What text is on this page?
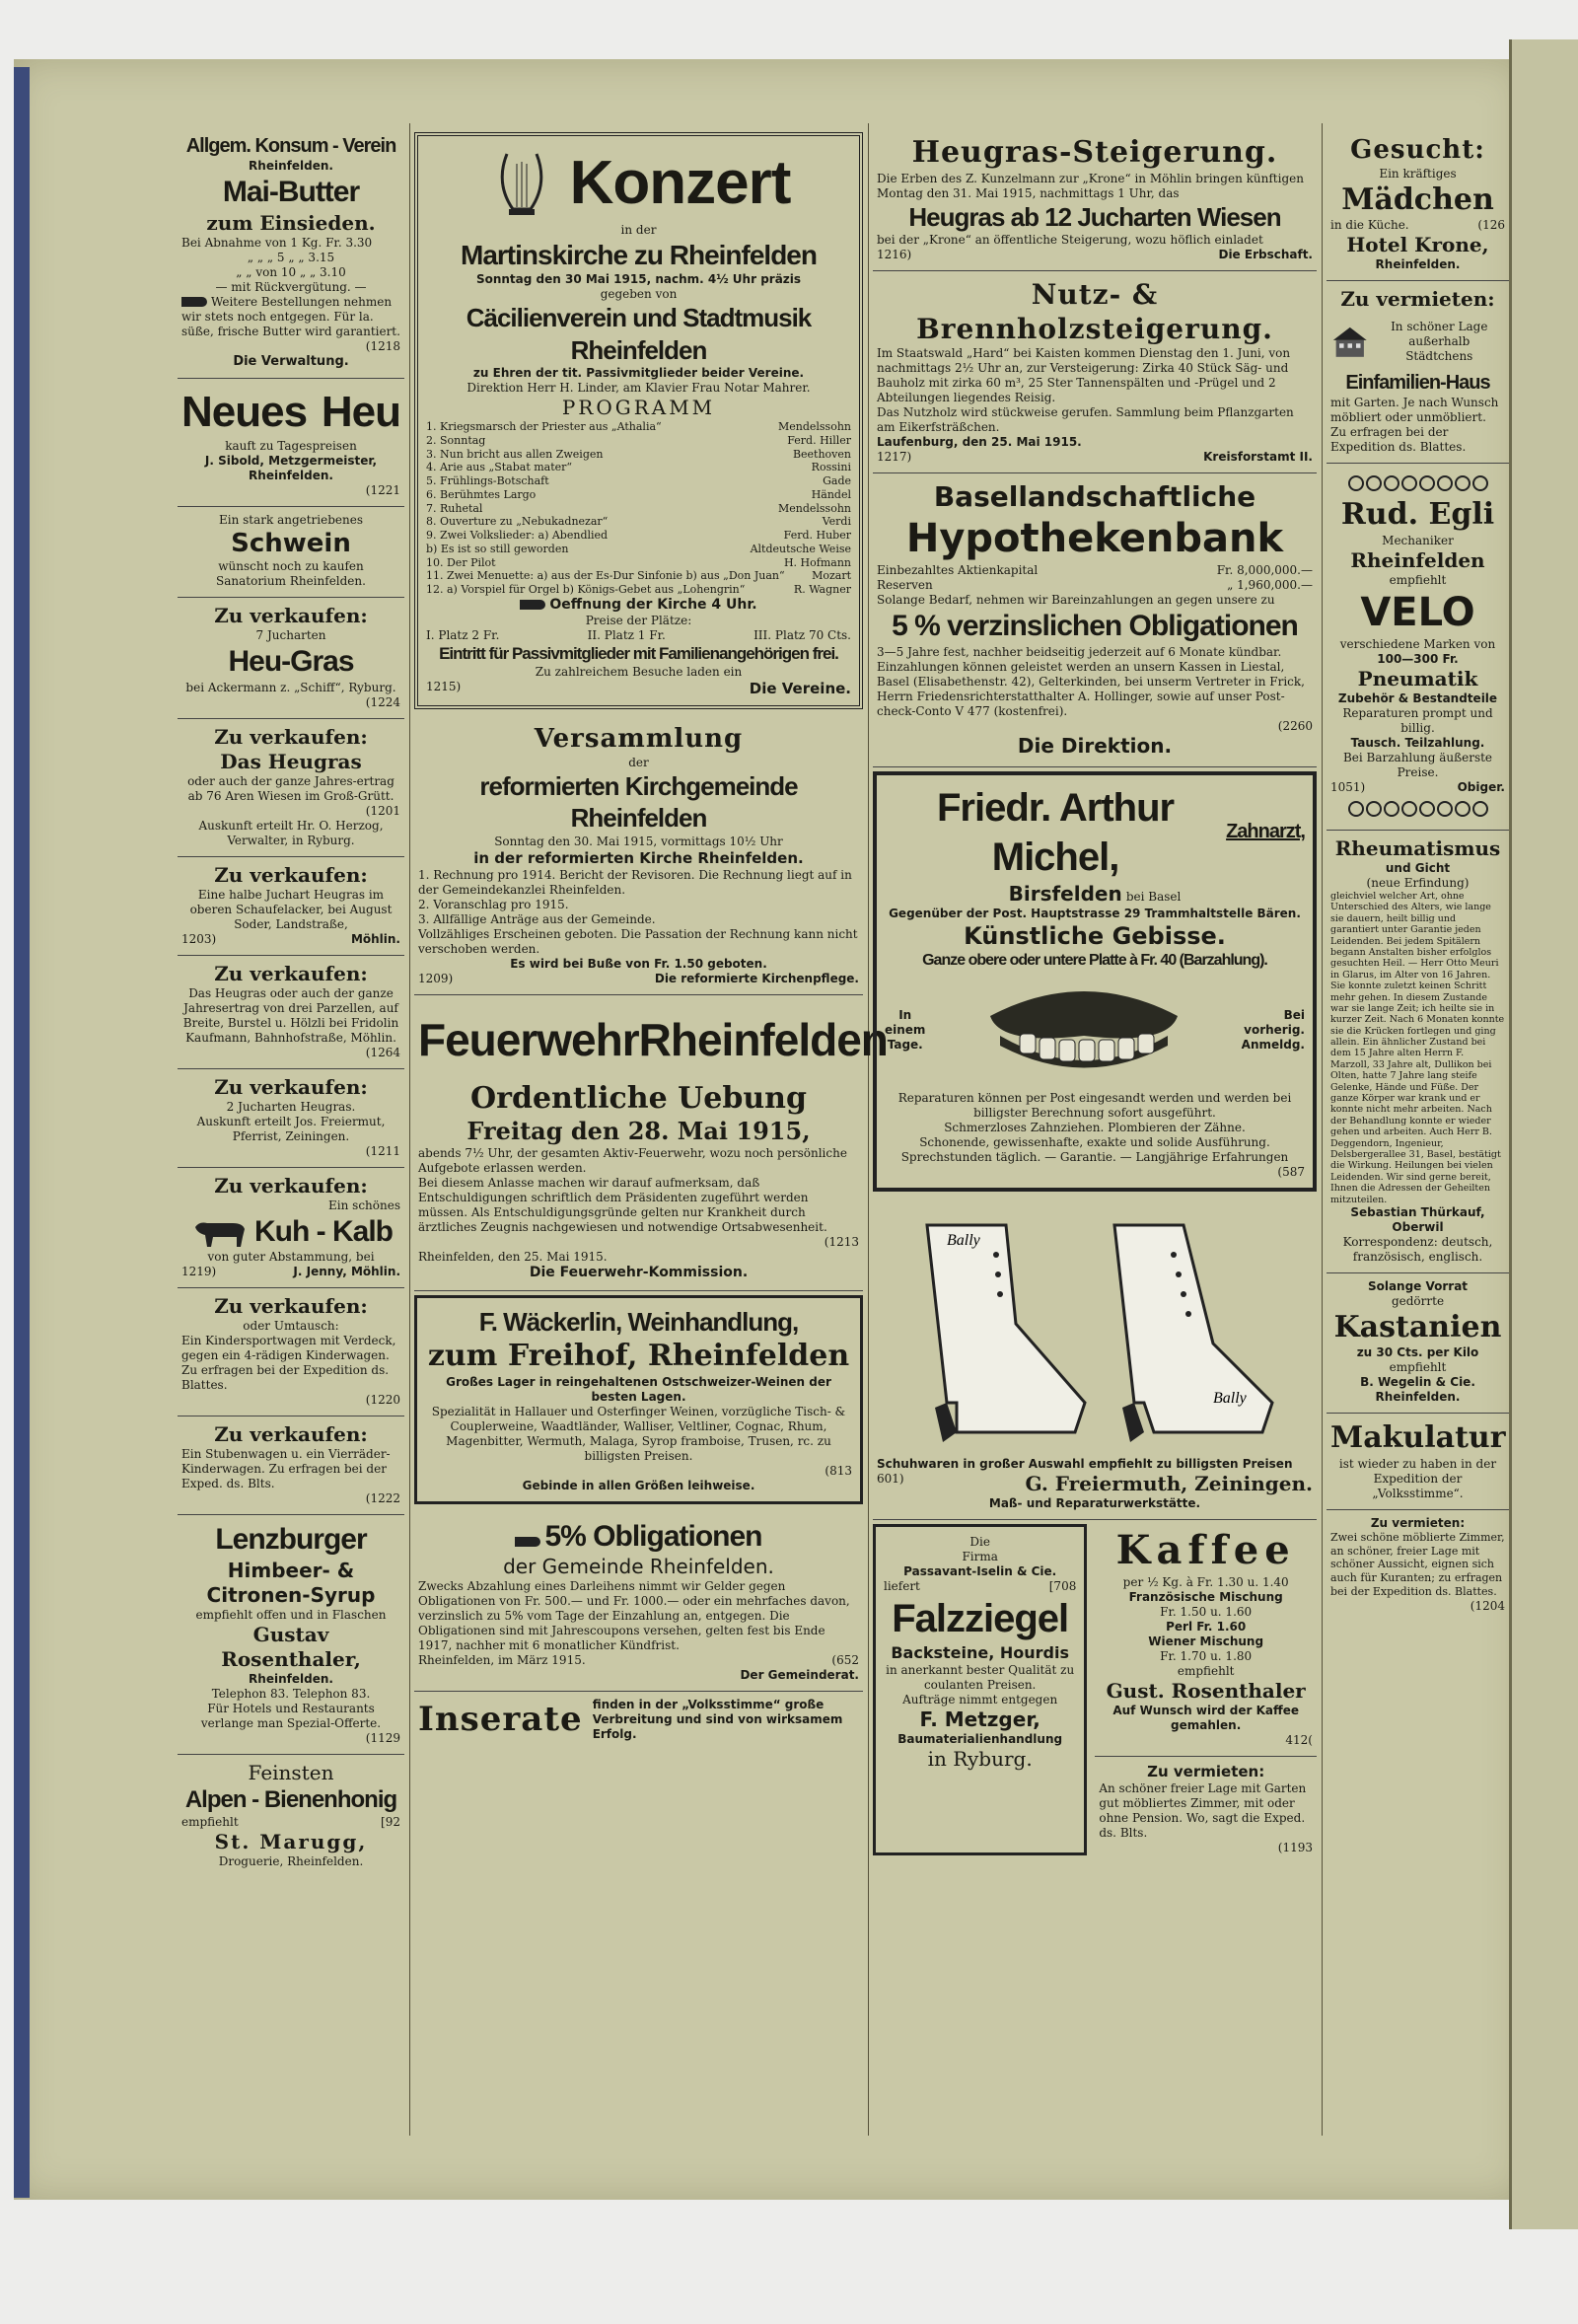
Allgem. Konsum - Verein
Rheinfelden.
Mai-Butter
zum Einsieden.
Bei Abnahme von 1 Kg. Fr. 3.30
„ „ „ 5 „ „ 3.15
„ „ von 10 „ „ 3.10
— mit Rückvergütung. —
Weitere Bestellungen nehmen wir stets noch entgegen. Für la. süße, frische Butter wird garantiert.
(1218
Die Verwaltung.
Neues Heu
kauft zu Tagespreisen
J. Sibold, Metzgermeister, Rheinfelden.
(1221
Ein stark angetriebenes
Schwein
wünscht noch zu kaufen
Sanatorium Rheinfelden.
Zu verkaufen:
7 Jucharten
Heu-Gras
bei Ackermann z. „Schiff“, Ryburg.
(1224
Zu verkaufen:
Das Heugras
oder auch der ganze Jahres-ertrag ab 76 Aren Wiesen im Groß-Grütt.
(1201
Auskunft erteilt Hr. O. Herzog, Verwalter, in Ryburg.
Zu verkaufen:
Eine halbe Juchart Heugras im oberen Schaufelacker, bei August Soder, Landstraße,
1203)	Möhlin.
Zu verkaufen:
Das Heugras oder auch der ganze Jahresertrag von drei Parzellen, auf Breite, Burstel u. Hölzli bei Fridolin Kaufmann, Bahnhofstraße, Möhlin.
(1264
Zu verkaufen:
2 Jucharten Heugras.
Auskunft erteilt Jos. Freiermut, Pferrist, Zeiningen.
(1211
Zu verkaufen:
Ein schönes
Kuh - Kalb
von guter Abstammung, bei
1219)	J. Jenny, Möhlin.
Zu verkaufen:
oder Umtausch:
Ein Kindersportwagen mit Verdeck, gegen ein 4-rädigen Kinderwagen. Zu erfragen bei der Expedition ds. Blattes.
(1220
Zu verkaufen:
Ein Stubenwagen u. ein Vierräder-Kinderwagen. Zu erfragen bei der Exped. ds. Blts.
(1222
Lenzburger
Himbeer- &
Citronen-Syrup
empfiehlt offen und in Flaschen
Gustav Rosenthaler,
Rheinfelden.
Telephon 83. Telephon 83.
Für Hotels und Restaurants verlange man Spezial-Offerte.
(1129
Feinsten
Alpen - Bienenhonig
empfiehlt	[92
St. Marugg,
Droguerie, Rheinfelden.
Konzert
in der
Martinskirche zu Rheinfelden
Sonntag den 30 Mai 1915, nachm. 4½ Uhr präzis
gegeben von
Cäcilienverein und Stadtmusik Rheinfelden
zu Ehren der tit. Passivmitglieder beider Vereine.
Direktion Herr H. Linder, am Klavier Frau Notar Mahrer.
PROGRAMM
1. Kriegsmarsch der Priester aus „Athalia“	Mendelssohn
2. Sonntag	Ferd. Hiller
3. Nun bricht aus allen Zweigen	Beethoven
4. Arie aus „Stabat mater“	Rossini
5. Frühlings-Botschaft	Gade
6. Berühmtes Largo	Händel
7. Ruhetal	Mendelssohn
8. Ouverture zu „Nebukadnezar“	Verdi
9. Zwei Volkslieder: a) Abendlied	Ferd. Huber
b) Es ist so still geworden	Altdeutsche Weise
10. Der Pilot	H. Hofmann
11. Zwei Menuette: a) aus der Es-Dur Sinfonie b) aus „Don Juan“ Mozart
12. a) Vorspiel für Orgel b) Königs-Gebet aus „Lohengrin“	R. Wagner
Oeffnung der Kirche 4 Uhr.
Preise der Plätze:
I. Platz 2 Fr.	II. Platz 1 Fr.	III. Platz 70 Cts.
Eintritt für Passivmitglieder mit Familienangehörigen frei.
Zu zahlreichem Besuche laden ein
1215)	Die Vereine.
Versammlung
der
reformierten Kirchgemeinde Rheinfelden
Sonntag den 30. Mai 1915, vormittags 10½ Uhr
in der reformierten Kirche Rheinfelden.
1. Rechnung pro 1914. Bericht der Revisoren. Die Rechnung liegt auf in der Gemeindekanzlei Rheinfelden.
2. Voranschlag pro 1915.
3. Allfällige Anträge aus der Gemeinde.
Vollzähliges Erscheinen geboten. Die Passation der Rechnung kann nicht verschoben werden.
Es wird bei Buße von Fr. 1.50 geboten.
1209)	Die reformierte Kirchenpflege.
Feuerwehr Rheinfelden
Ordentliche Uebung
Freitag den 28. Mai 1915,
abends 7½ Uhr, der gesamten Aktiv-Feuerwehr, wozu noch persönliche Aufgebote erlassen werden.
Bei diesem Anlasse machen wir darauf aufmerksam, daß Entschuldigungen schriftlich dem Präsidenten zugeführt werden müssen. Als Entschuldigungsgründe gelten nur Krankheit durch ärztliches Zeugnis nachgewiesen und notwendige Ortsabwesenheit.
(1213
Rheinfelden, den 25. Mai 1915.
Die Feuerwehr-Kommission.
F. Wäckerlin, Weinhandlung,
zum Freihof, Rheinfelden
Großes Lager in reingehaltenen Ostschweizer-Weinen der besten Lagen.
Spezialität in Hallauer und Osterfinger Weinen, vorzügliche Tisch- & Couplerweine, Waadtländer, Walliser, Veltliner, Cognac, Rhum, Magenbitter, Wermuth, Malaga, Syrop framboise, Trusen, rc. zu billigsten Preisen.
(813
Gebinde in allen Größen leihweise.
5% Obligationen
der Gemeinde Rheinfelden.
Zwecks Abzahlung eines Darleihens nimmt wir Gelder gegen Obligationen von Fr. 500.— und Fr. 1000.— oder ein mehrfaches davon, verzinslich zu 5% vom Tage der Einzahlung an, entgegen. Die Obligationen sind mit Jahrescoupons versehen, gelten fest bis Ende 1917, nachher mit 6 monatlicher Kündfrist.
Rheinfelden, im März 1915.	(652
Der Gemeinderat.
Inserate finden in der „Volksstimme“ große Verbreitung und sind von wirksamem Erfolg.
Heugras-Steigerung.
Die Erben des Z. Kunzelmann zur „Krone“ in Möhlin bringen künftigen Montag den 31. Mai 1915, nachmittags 1 Uhr, das
Heugras ab 12 Jucharten Wiesen
bei der „Krone“ an öffentliche Steigerung, wozu höflich einladet
1216)	Die Erbschaft.
Nutz- & Brennholzsteigerung.
Im Staatswald „Hard“ bei Kaisten kommen Dienstag den 1. Juni, von nachmittags 2½ Uhr an, zur Versteigerung: Zirka 40 Stück Säg- und Bauholz mit zirka 60 m³, 25 Ster Tannenspälten und -Prügel und 2 Abteilungen liegendes Reisig.
Das Nutzholz wird stückweise gerufen. Sammlung beim Pflanzgarten am Eikerfsträßchen.
Laufenburg, den 25. Mai 1915.
1217)	Kreisforstamt II.
Basellandschaftliche
Hypothekenbank
Einbezahltes Aktienkapital	Fr. 8,000,000.—
Reserven	„ 1,960,000.—
Solange Bedarf, nehmen wir Bareinzahlungen an gegen unsere zu
5 % verzinslichen Obligationen
3—5 Jahre fest, nachher beidseitig jederzeit auf 6 Monate kündbar.
Einzahlungen können geleistet werden an unsern Kassen in Liestal, Basel (Elisabethenstr. 42), Gelterkinden, bei unserm Vertreter in Frick, Herrn Friedensrichterstatthalter A. Hollinger, sowie auf unser Post-check-Conto V 477 (kostenfrei).
(2260
Die Direktion.
Friedr. Arthur Michel,
Zahnarzt,
Birsfelden bei Basel
Gegenüber der Post. Hauptstrasse 29 Trammhaltstelle Bären.
Künstliche Gebisse.
Ganze obere oder untere Platte à Fr. 40 (Barzahlung).
In
einem
Tage.
Bei
vorherig.
Anmeldg.
Reparaturen können per Post eingesandt werden und werden bei billigster Berechnung sofort ausgeführt.
Schmerzloses Zahnziehen. Plombieren der Zähne.
Schonende, gewissenhafte, exakte und solide Ausführung.
Sprechstunden täglich. — Garantie. — Langjährige Erfahrungen
(587
Bally
Bally
Schuhwaren in großer Auswahl empfiehlt zu billigsten Preisen
601)	G. Freiermuth, Zeiningen.
Maß- und Reparaturwerkstätte.
Die
Firma
Passavant-Iselin & Cie.
liefert	[708
Falzziegel
Backsteine, Hourdis
in anerkannt bester Qualität zu coulanten Preisen.
Aufträge nimmt entgegen
F. Metzger,
Baumaterialienhandlung
in Ryburg.
Kaffee
per ½ Kg. à Fr. 1.30 u. 1.40
Französische Mischung
Fr. 1.50 u. 1.60
Perl Fr. 1.60
Wiener Mischung
Fr. 1.70 u. 1.80
empfiehlt
Gust. Rosenthaler
Auf Wunsch wird der Kaffee gemahlen.
412(
Zu vermieten:
An schöner freier Lage mit Garten gut möbliertes Zimmer, mit oder ohne Pension. Wo, sagt die Exped. ds. Blts.
(1193
Gesucht:
Ein kräftiges
Mädchen
in die Küche.	(126
Hotel Krone,
Rheinfelden.
Zu vermieten:
In schöner Lage außerhalb Städtchens
Einfamilien-Haus
mit Garten. Je nach Wunsch möbliert oder unmöbliert.
Zu erfragen bei der Expedition ds. Blattes.
Rud. Egli
Mechaniker
Rheinfelden
empfiehlt
VELO
verschiedene Marken von
100—300 Fr.
Pneumatik
Zubehör & Bestandteile
Reparaturen prompt und billig.
Tausch. Teilzahlung.
Bei Barzahlung äußerste Preise.
1051)	Obiger.
Rheumatismus
und Gicht
(neue Erfindung)
gleichviel welcher Art, ohne Unterschied des Alters, wie lange sie dauern, heilt billig und garantiert unter Garantie jeden Leidenden. Bei jedem Spitälern begann Anstalten bisher erfolglos gesuchten Heil. — Herr Otto Meuri in Glarus, im Alter von 16 Jahren. Sie konnte zuletzt keinen Schritt mehr gehen. In diesem Zustande war sie lange Zeit; ich heilte sie in kurzer Zeit. Nach 6 Monaten konnte sie die Krücken fortlegen und ging allein. Ein ähnlicher Zustand bei dem 15 Jahre alten Herrn F. Marzoll, 33 Jahre alt, Dullikon bei Olten, hatte 7 Jahre lang steife Gelenke, Hände und Füße. Der ganze Körper war krank und er konnte nicht mehr arbeiten. Nach der Behandlung konnte er wieder gehen und arbeiten. Auch Herr B. Deggendorn, Ingenieur, Delsbergerallee 31, Basel, bestätigt die Wirkung. Heilungen bei vielen Leidenden. Wir sind gerne bereit, Ihnen die Adressen der Geheilten mitzuteilen.
Sebastian Thürkauf,
Oberwil
Korrespondenz: deutsch, französisch, englisch.
Solange Vorrat
gedörrte
Kastanien
zu 30 Cts. per Kilo
empfiehlt
B. Wegelin & Cie.
Rheinfelden.
Makulatur
ist wieder zu haben in der Expedition der „Volksstimme“.
Zu vermieten:
Zwei schöne möblierte Zimmer, an schöner, freier Lage mit schöner Aussicht, eignen sich auch für Kuranten; zu erfragen bei der Expedition ds. Blattes.
(1204
